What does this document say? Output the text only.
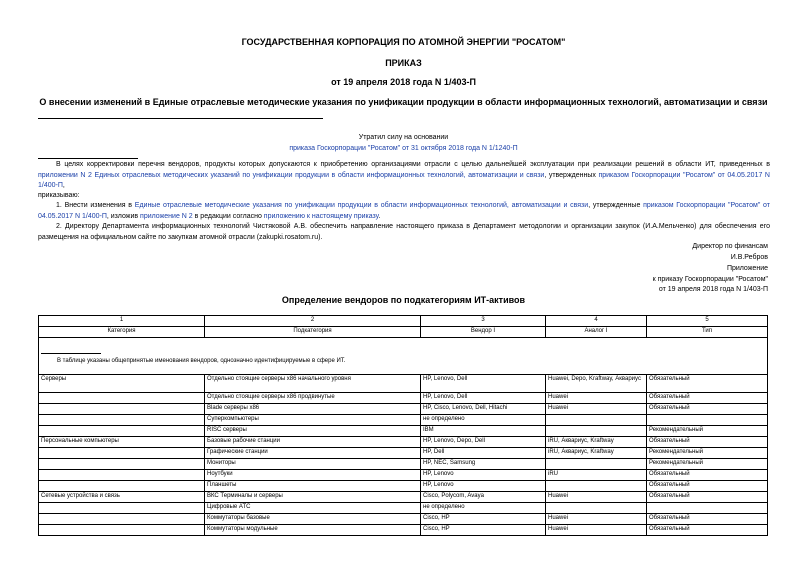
ГОСУДАРСТВЕННАЯ КОРПОРАЦИЯ ПО АТОМНОЙ ЭНЕРГИИ "РОСАТОМ"
ПРИКАЗ
от 19 апреля 2018 года N 1/403-П
О внесении изменений в Единые отраслевые методические указания по унификации продукции в области информационных технологий, автоматизации и связи
Утратил силу на основании
приказа Госкорпорации "Росатом" от 31 октября 2018 года N 1/1240-П
В целях корректировки перечня вендоров, продукты которых допускаются к приобретению организациями отрасли с целью дальнейшей эксплуатации при реализации решений в области ИТ, приведенных в приложении N 2 Единых отраслевых методических указаний по унификации продукции в области информационных технологий, автоматизации и связи, утвержденных приказом Госкорпорации "Росатом" от 04.05.2017 N 1/400-П,
приказываю:
1. Внести изменения в Единые отраслевые методические указания по унификации продукции в области информационных технологий, автоматизации и связи, утвержденные приказом Госкорпорации "Росатом" от 04.05.2017 N 1/400-П, изложив приложение N 2 в редакции согласно приложению к настоящему приказу.
2. Директору Департамента информационных технологий Чистяковой А.В. обеспечить направление настоящего приказа в Департамент методологии и организации закупок (И.А.Мельченко) для обеспечения его размещения на официальном сайте по закупкам атомной отрасли (zakupki.rosatom.ru).
Директор по финансам
И.В.Ребров
Приложение
к приказу Госкорпорации "Росатом"
от 19 апреля 2018 года N 1/403-П
Определение вендоров по подкатегориям ИТ-активов
1	2	3	4	5
Категория	Подкатегория	Вендор I	Аналог I	Тип

В таблице указаны общепринятые именования вендоров, однозначно идентифицируемые в сфере ИТ.				

Серверы	Отдельно стоящие серверы x86 начального уровня	HP, Lenovo, Dell	Huawei, Depo, Kraftway, Аквариус	Обязательный
	Отдельно стоящие серверы x86 продвинутые	HP, Lenovo, Dell	Huawei	Обязательный
	Blade серверы x86	HP, Cisco, Lenovo, Dell, Hitachi	Huawei	Обязательный
	Суперкомпьютеры	не определено		
	RISC серверы	IBM		Рекомендательный
Персональные компьютеры	Базовые рабочие станции	HP, Lenovo, Depo, Dell	iRU, Аквариус, Kraftway	Обязательный
	Графические станции	HP, Dell	iRU, Аквариус, Kraftway	Рекомендательный
	Мониторы	HP, NEC, Samsung		Рекомендательный
	Ноутбуки	HP, Lenovo	iRU	Обязательный
	Планшеты	HP, Lenovo		Обязательный
Сетевые устройства и связь	ВКС Терминалы и серверы	Cisco, Polycom, Avaya	Huawei	Обязательный
	Цифровые АТС	не определено		
	Коммутаторы базовые	Cisco, HP	Huawei	Обязательный
	Коммутаторы модульные	Cisco, HP	Huawei	Обязательный
